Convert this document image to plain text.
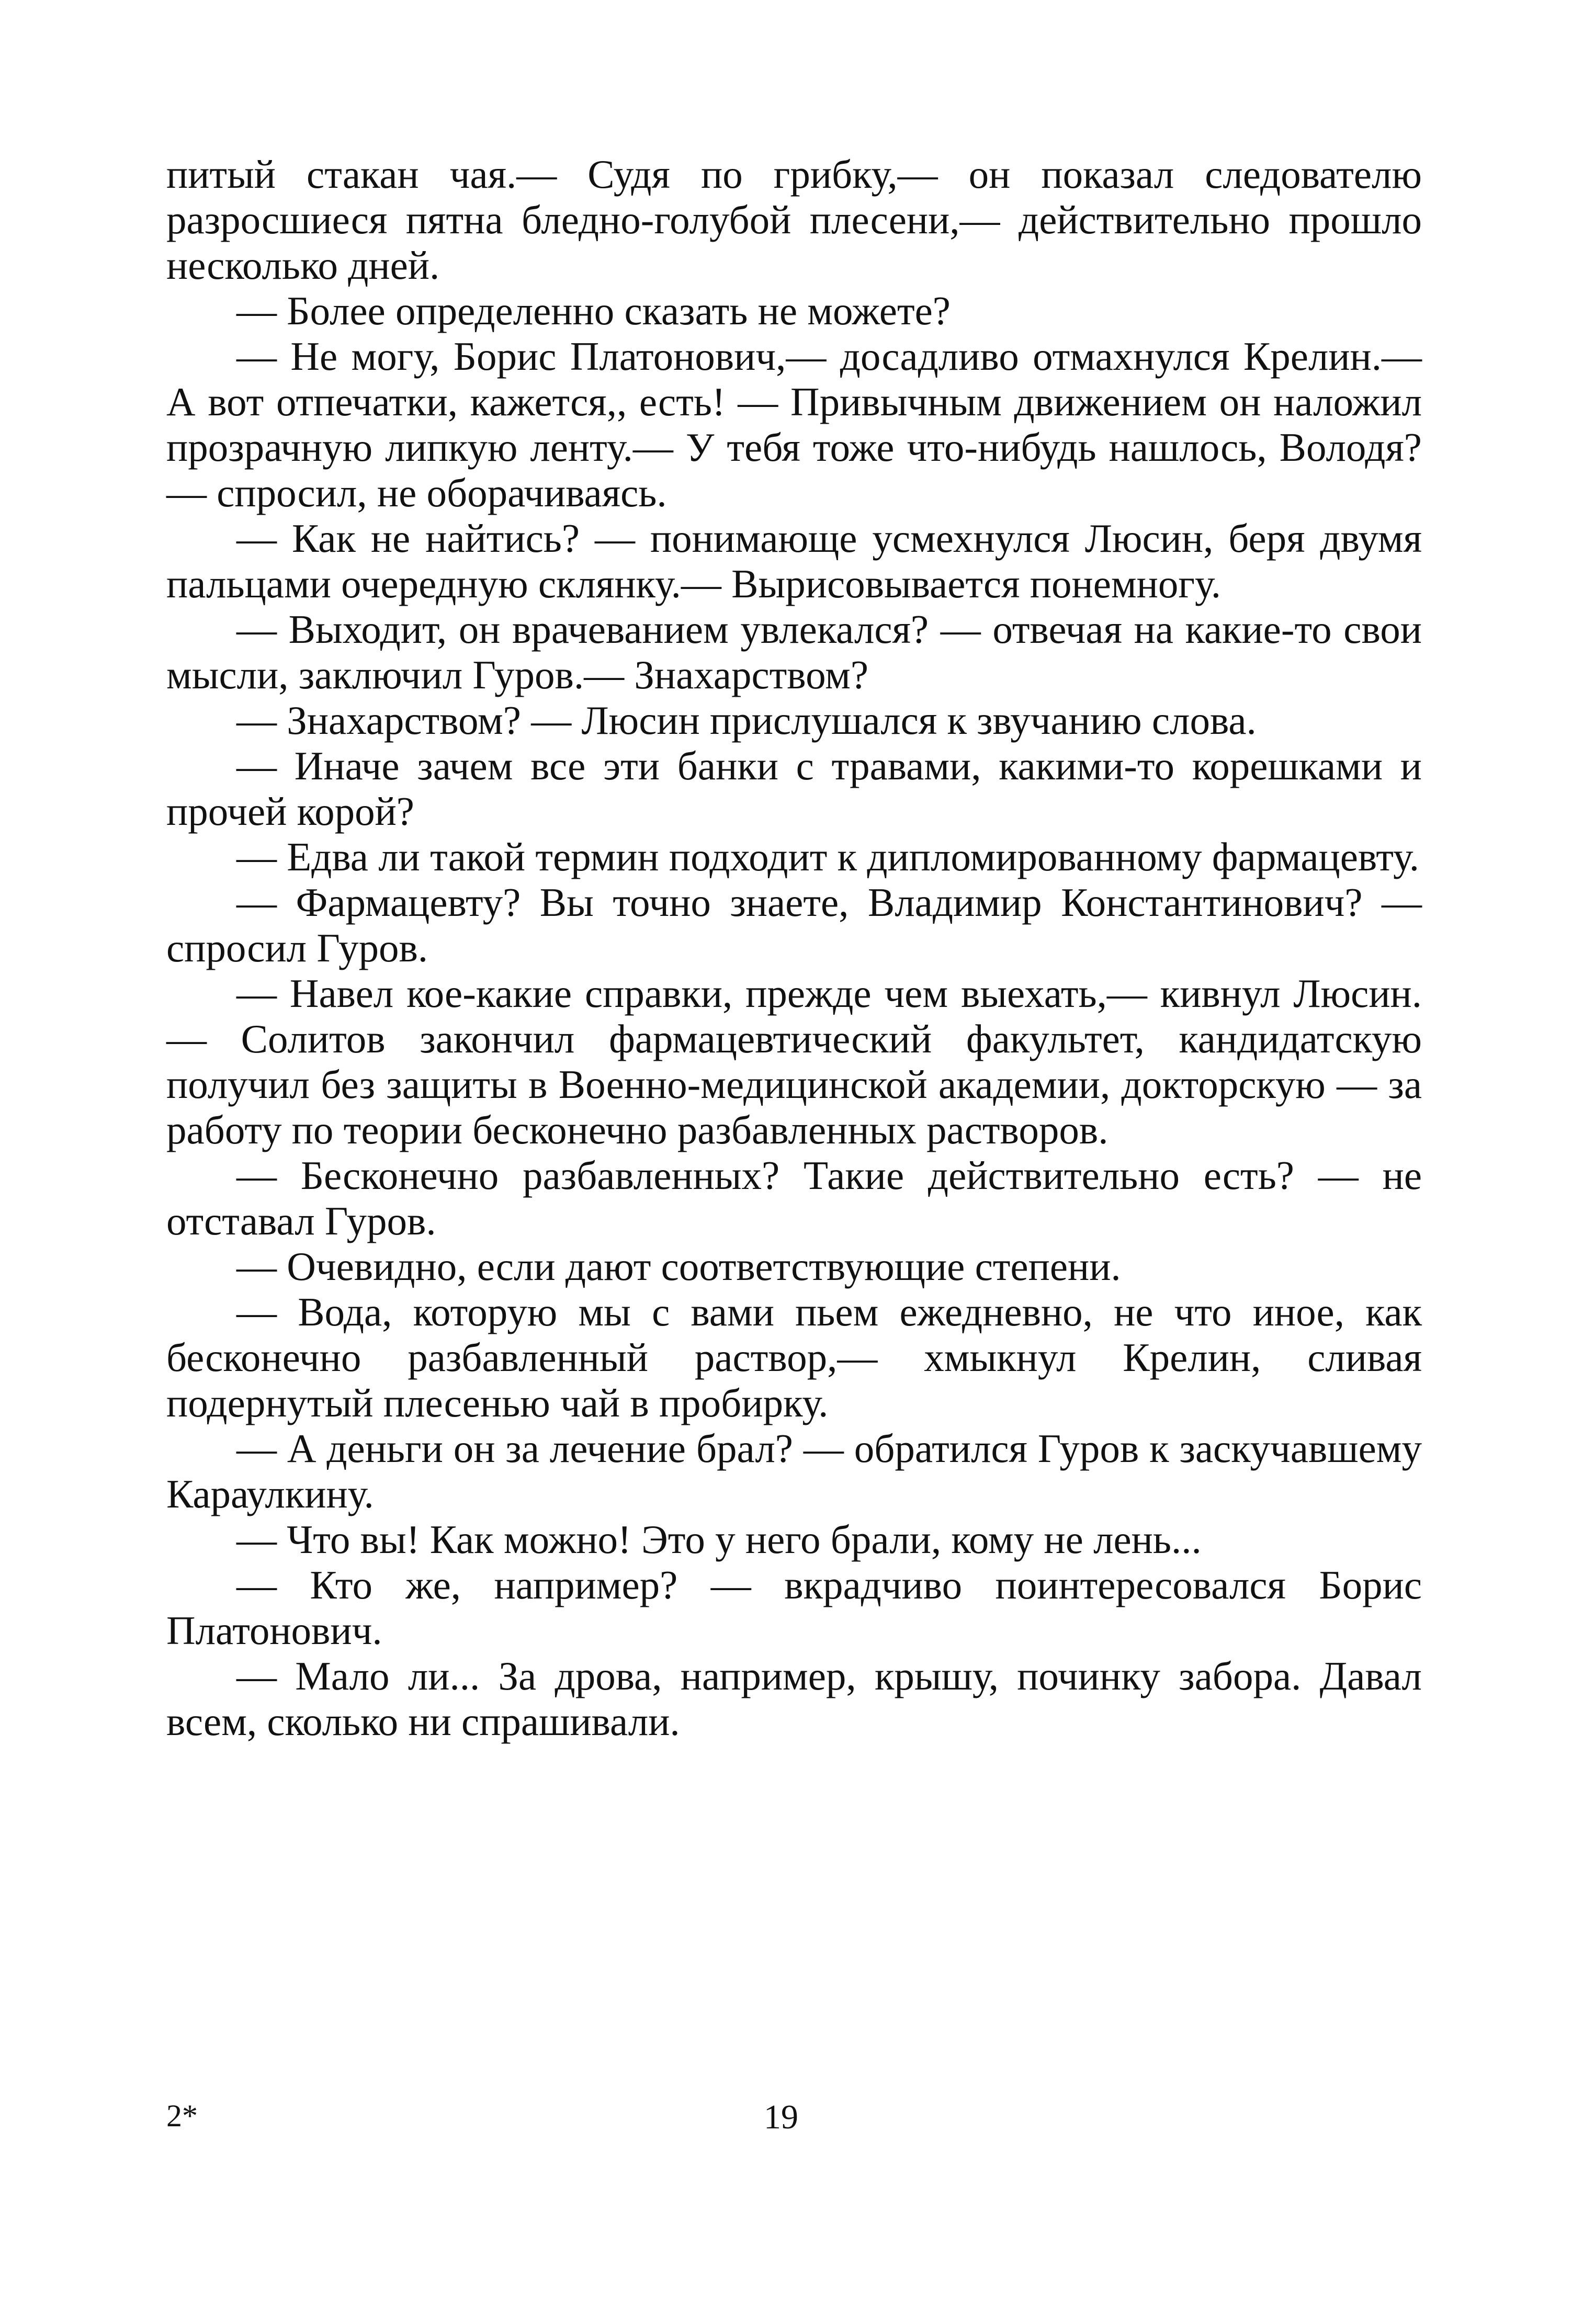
питый стакан чая.— Судя по грибку,— он показал следователю разросшиеся пятна бледно-голубой плесени,— действительно прошло несколько дней.

— Более определенно сказать не можете?

— Не могу, Борис Платонович,— досадливо отмахнулся Крелин.— А вот отпечатки, кажется,, есть! — Привычным движением он наложил прозрачную липкую ленту.— У тебя тоже что-нибудь нашлось, Володя? — спросил, не оборачиваясь.

— Как не найтись? — понимающе усмехнулся Люсин, беря двумя пальцами очередную склянку.— Вырисовывается понемногу.

— Выходит, он врачеванием увлекался? — отвечая на какие-то свои мысли, заключил Гуров.— Знахарством?

— Знахарством? — Люсин прислушался к звучанию слова.

— Иначе зачем все эти банки с травами, какими-то корешками и прочей корой?

— Едва ли такой термин подходит к дипломированному фармацевту.

— Фармацевту? Вы точно знаете, Владимир Константинович? — спросил Гуров.

— Навел кое-какие справки, прежде чем выехать,— кивнул Люсин.— Солитов закончил фармацевтический факультет, кандидатскую получил без защиты в Военно-медицинской академии, докторскую — за работу по теории бесконечно разбавленных растворов.

— Бесконечно разбавленных? Такие действительно есть? — не отставал Гуров.

— Очевидно, если дают соответствующие степени.

— Вода, которую мы с вами пьем ежедневно, не что иное, как бесконечно разбавленный раствор,— хмыкнул Крелин, сливая подернутый плесенью чай в пробирку.

— А деньги он за лечение брал? — обратился Гуров к заскучавшему Караулкину.

— Что вы! Как можно! Это у него брали, кому не лень...

— Кто же, например? — вкрадчиво поинтересовался Борис Платонович.

— Мало ли... За дрова, например, крышу, починку забора. Давал всем, сколько ни спрашивали.

2*	19
